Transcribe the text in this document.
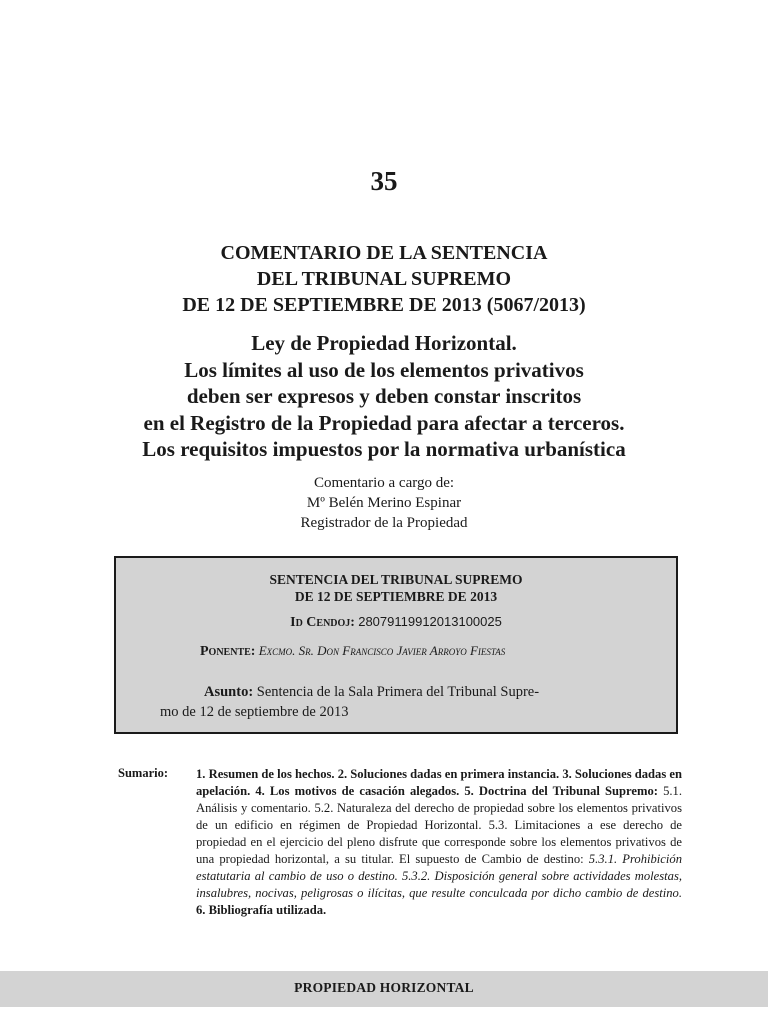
35
COMENTARIO DE LA SENTENCIA
DEL TRIBUNAL SUPREMO
DE 12 DE SEPTIEMBRE DE 2013 (5067/2013)
Ley de Propiedad Horizontal.
Los límites al uso de los elementos privativos
deben ser expresos y deben constar inscritos
en el Registro de la Propiedad para afectar a terceros.
Los requisitos impuestos por la normativa urbanística
Comentario a cargo de:
Mº Belén Merino Espinar
Registrador de la Propiedad
SENTENCIA DEL TRIBUNAL SUPREMO
DE 12 DE SEPTIEMBRE DE 2013
Id Cendoj: 28079119912013100025
Ponente: Excmo. Sr. Don Francisco Javier Arroyo Fiestas
Asunto: Sentencia de la Sala Primera del Tribunal Supre-
mo de 12 de septiembre de 2013
Sumario: 1. Resumen de los hechos. 2. Soluciones dadas en primera instancia. 3. Soluciones dadas en apelación. 4. Los motivos de casación alegados. 5. Doctrina del Tribunal Supremo: 5.1. Análisis y comentario. 5.2. Naturaleza del derecho de propiedad sobre los elementos privativos de un edificio en régimen de Propiedad Horizontal. 5.3. Limitaciones a ese derecho de propiedad en el ejercicio del pleno disfrute que corresponde sobre los elementos privativos de una propiedad horizontal, a su titular. El supuesto de Cambio de destino: 5.3.1. Prohibición estatutaria al cambio de uso o destino. 5.3.2. Disposición general sobre actividades molestas, insalubres, nocivas, peligrosas o ilícitas, que resulte conculcada por dicho cambio de destino. 6. Bibliografía utilizada.
PROPIEDAD HORIZONTAL
